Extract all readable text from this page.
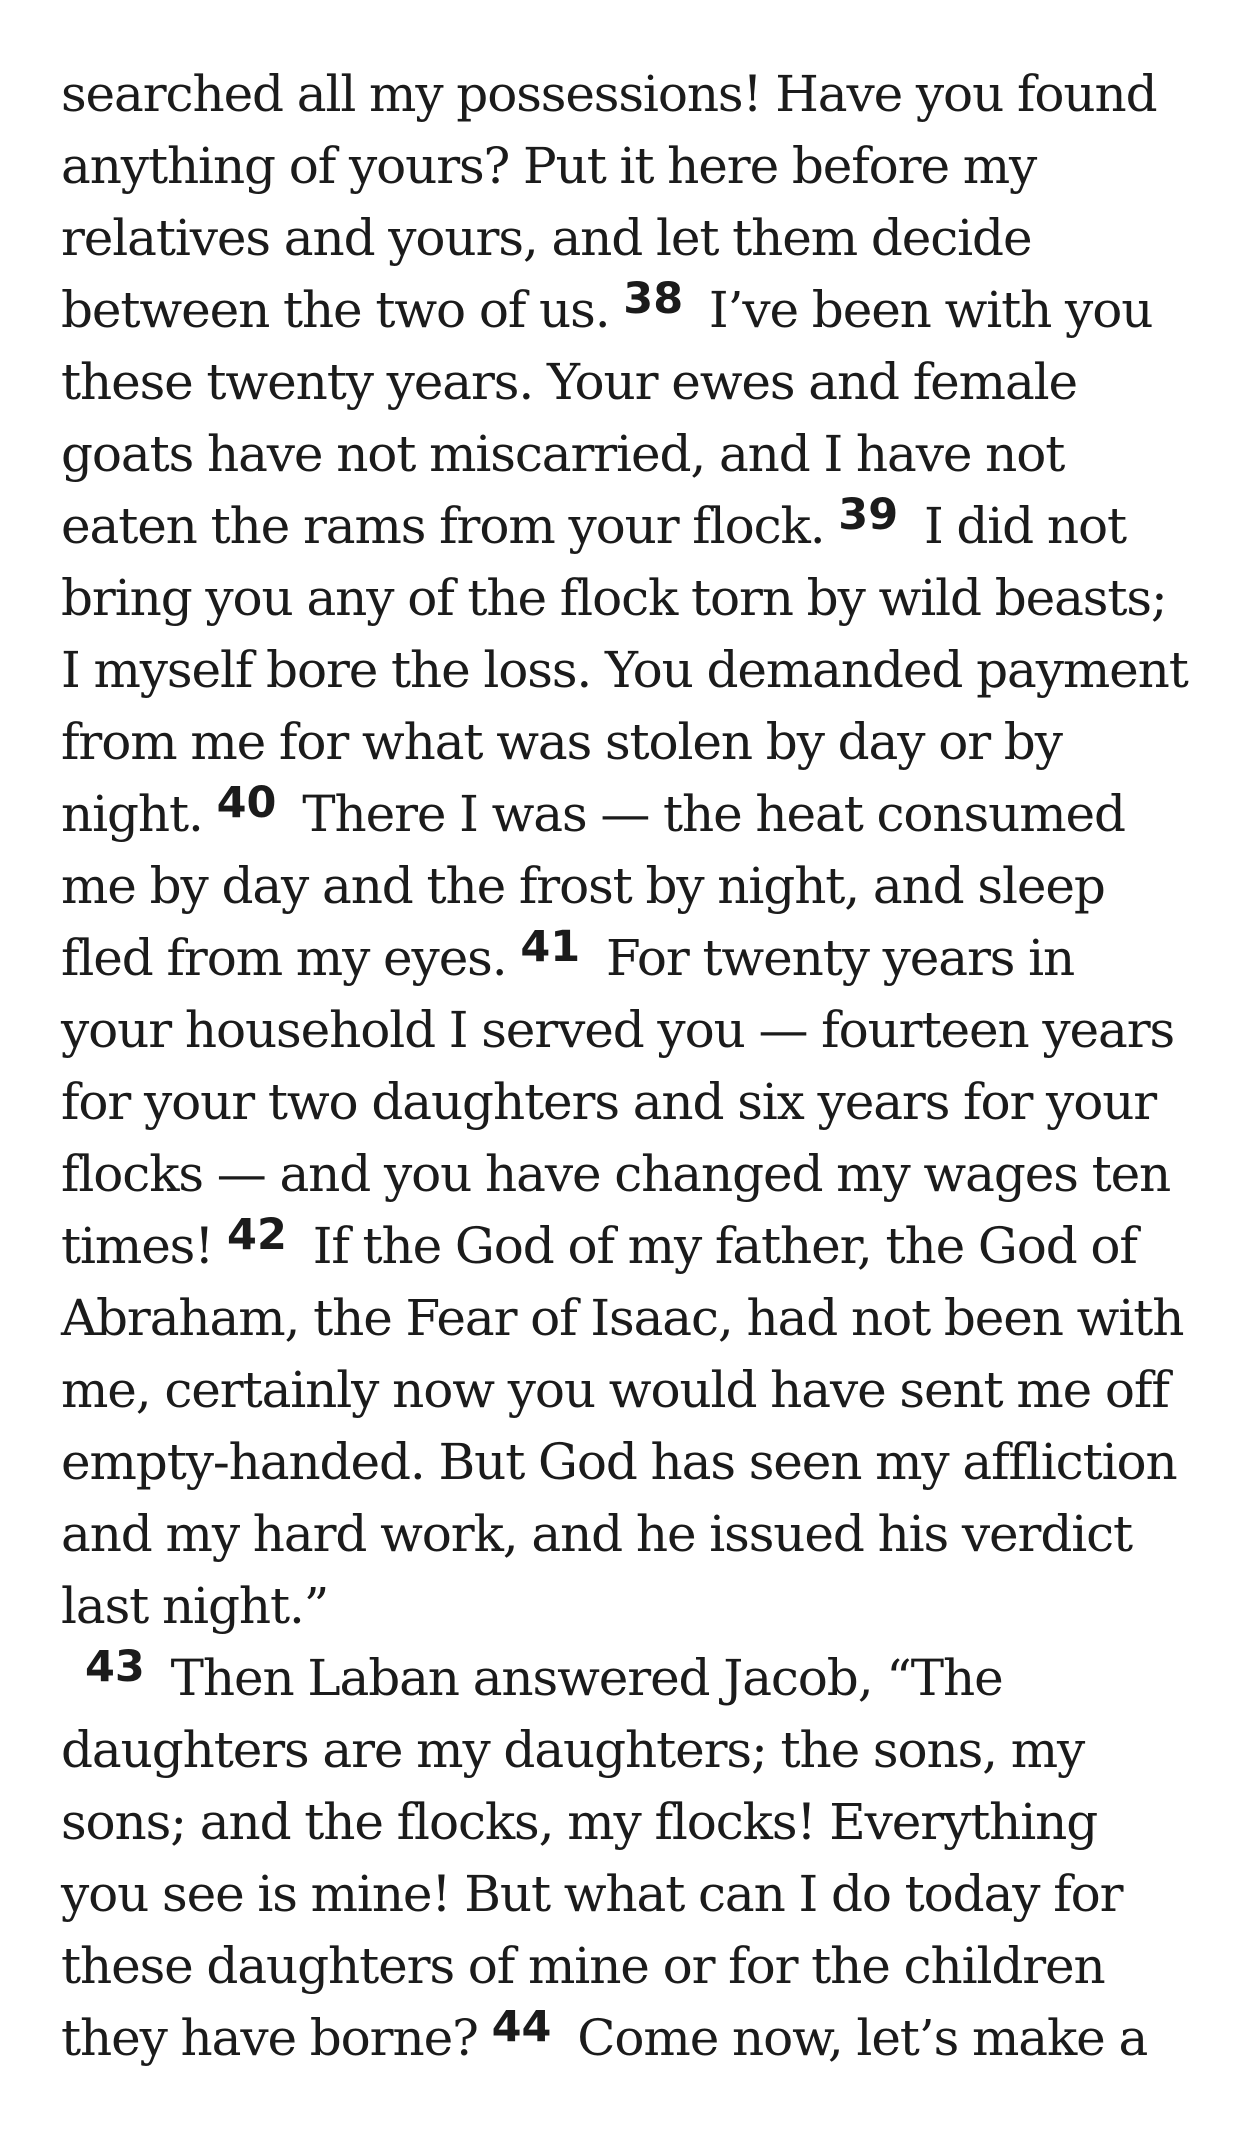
searched all my possessions! Have you found anything of yours? Put it here before my relatives and yours, and let them decide between the two of us. $^{38}$ I’ve been with you these twenty years. Your ewes and female goats have not miscarried, and I have not eaten the rams from your flock. $^{39}$ I did not bring you any of the flock torn by wild beasts; I myself bore the loss. You demanded payment from me for what was stolen by day or by night. $^{40}$ There I was — the heat consumed me by day and the frost by night, and sleep fled from my eyes. $^{41}$ For twenty years in your household I served you — fourteen years for your two daughters and six years for your flocks — and you have changed my wages ten times! $^{42}$ If the God of my father, the God of Abraham, the Fear of Isaac, had not been with me, certainly now you would have sent me off empty-handed. But God has seen my affliction and my hard work, and he issued his verdict last night.”

$^{43}$ Then Laban answered Jacob, “The daughters are my daughters; the sons, my sons; and the flocks, my flocks! Everything you see is mine! But what can I do today for these daughters of mine or for the children they have borne? $^{44}$ Come now, let’s make a
